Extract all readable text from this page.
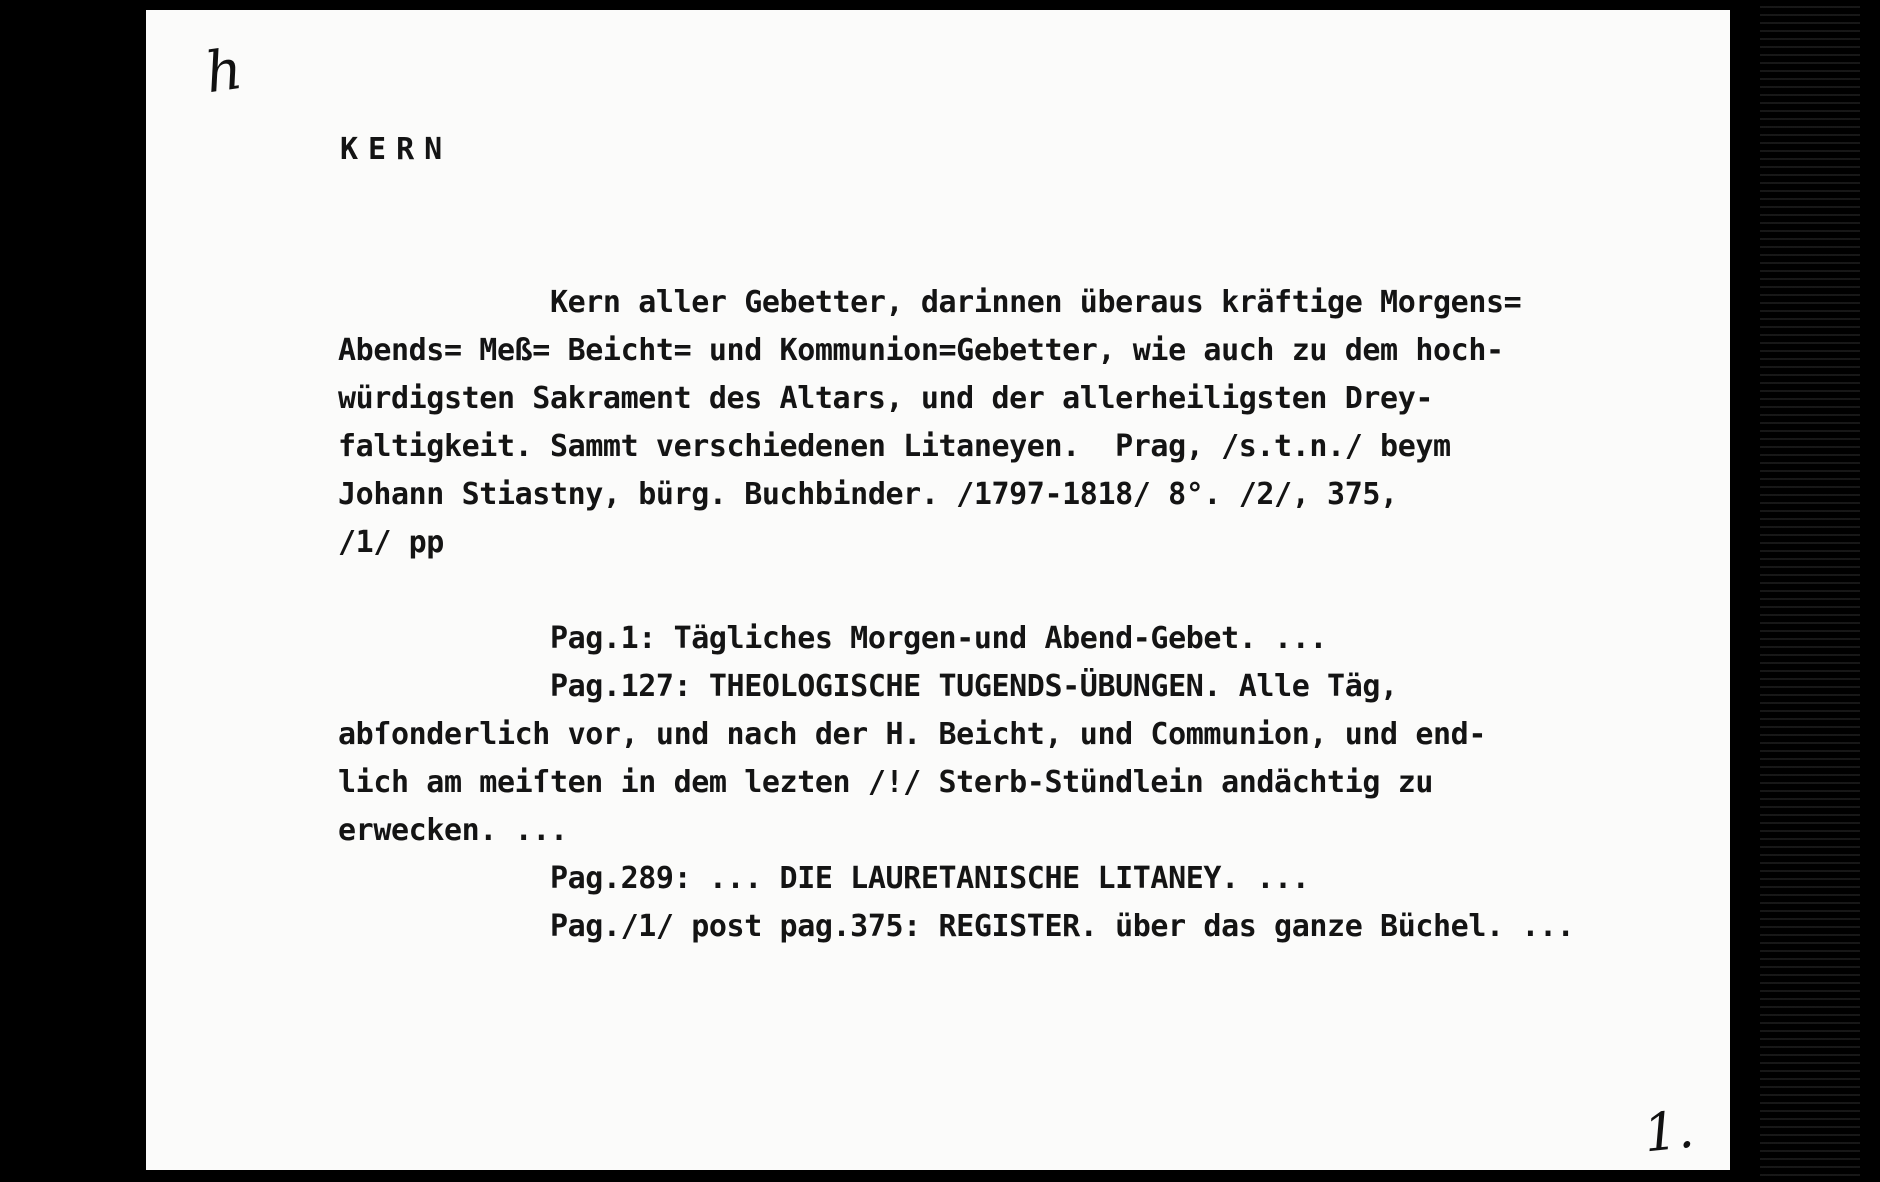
h
1.
KERN

Kern aller Gebetter, darinnen überaus kräftige Morgens=

Abends= Meß= Beicht= und Kommunion=Gebetter, wie auch zu dem hoch-

würdigsten Sakrament des Altars, und der allerheiligsten Drey-

faltigkeit. Sammt verschiedenen Litaneyen.  Prag, /s.t.n./ beym

Johann Stiastny, bürg. Buchbinder. /1797-1818/ 8°. /2/, 375,

/1/ pp

Pag.1: Tägliches Morgen-und Abend-Gebet. ...

Pag.127: THEOLOGISCHE TUGENDS-ÜBUNGEN. Alle Täg,

abſonderlich vor, und nach der H. Beicht, und Communion, und end-

lich am meiſten in dem lezten /!/ Sterb-Stündlein andächtig zu

erwecken. ...

Pag.289: ... DIE LAURETANISCHE LITANEY. ...

Pag./1/ post pag.375: REGISTER. über das ganze Büchel. ...
